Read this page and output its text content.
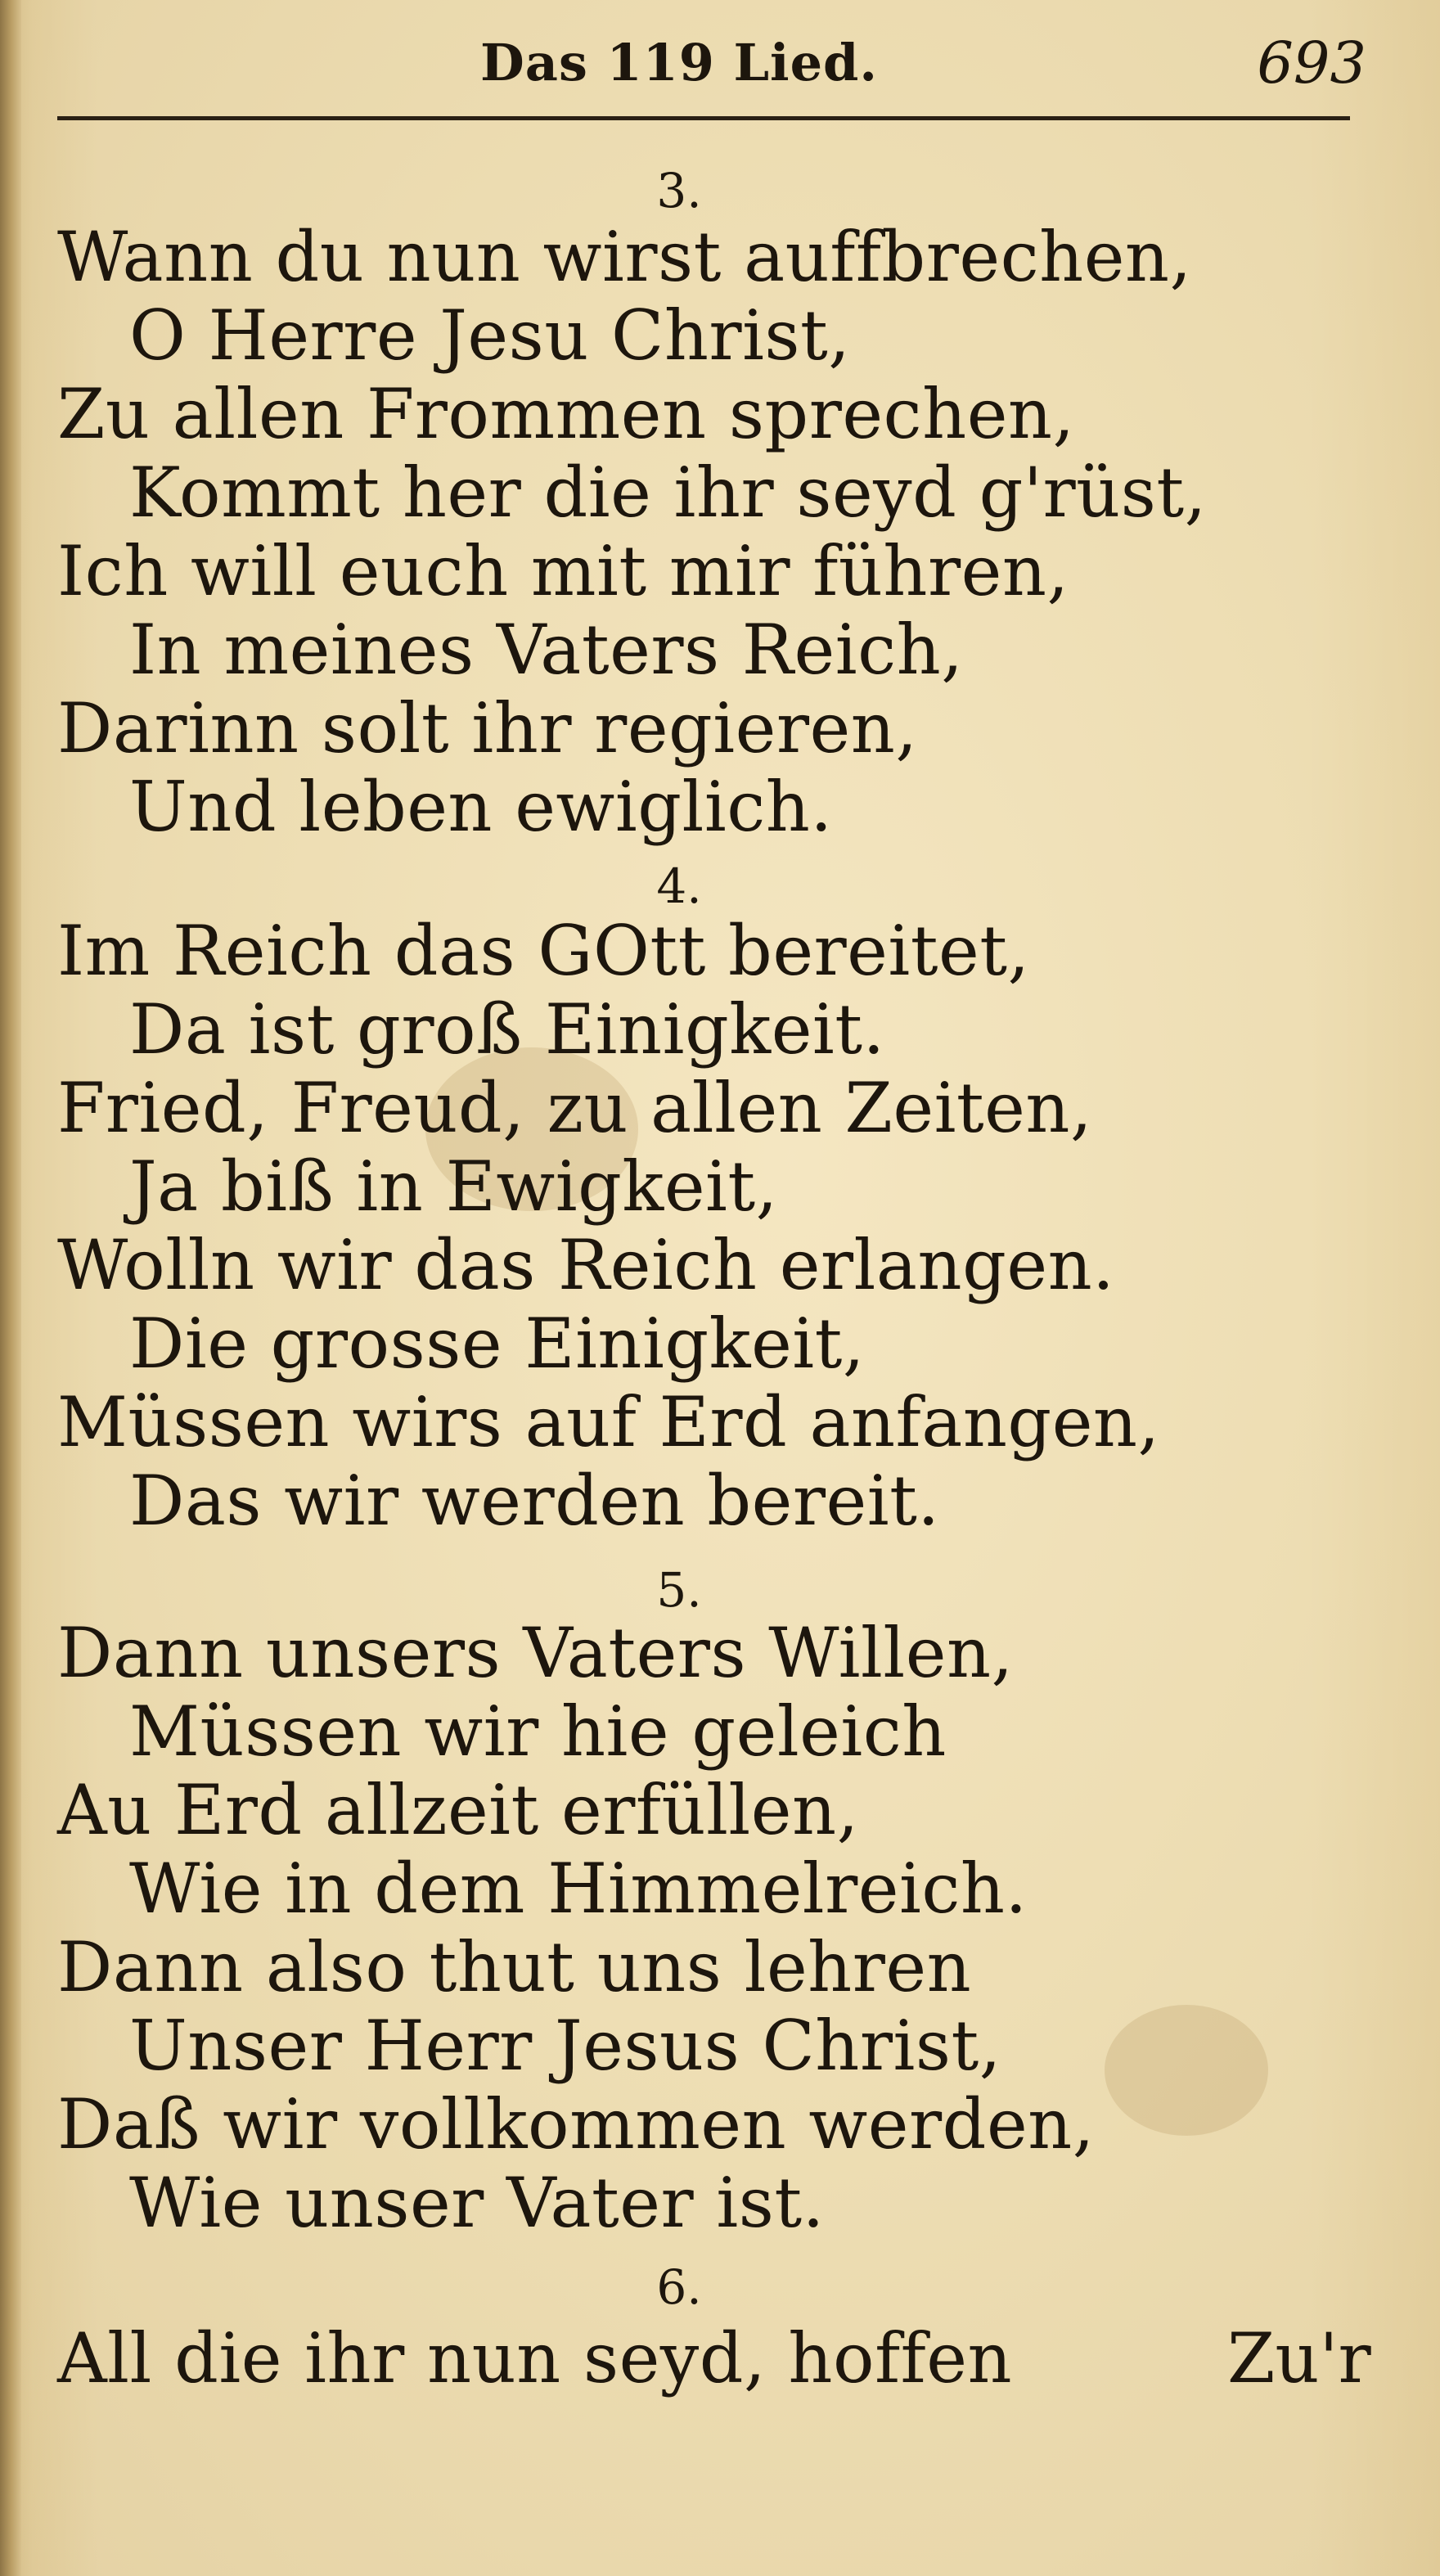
Das 119 Lied.	693
3.
Wann du nun wirst auffbrechen,
O Herre Jesu Christ,
Zu allen Frommen sprechen,
Kommt her die ihr seyd g'rüst,
Ich will euch mit mir führen,
In meines Vaters Reich,
Darinn solt ihr regieren,
Und leben ewiglich.
4.
Im Reich das GOtt bereitet,
Da ist groß Einigkeit.
Fried, Freud, zu allen Zeiten,
Ja biß in Ewigkeit,
Wolln wir das Reich erlangen.
Die grosse Einigkeit,
Müssen wirs auf Erd anfangen,
Das wir werden bereit.
5.
Dann unsers Vaters Willen,
Müssen wir hie geleich
Au Erd allzeit erfüllen,
Wie in dem Himmelreich.
Dann also thut uns lehren
Unser Herr Jesus Christ,
Daß wir vollkommen werden,
Wie unser Vater ist.
6.
All die ihr nun seyd, hoffen	Zu'r
